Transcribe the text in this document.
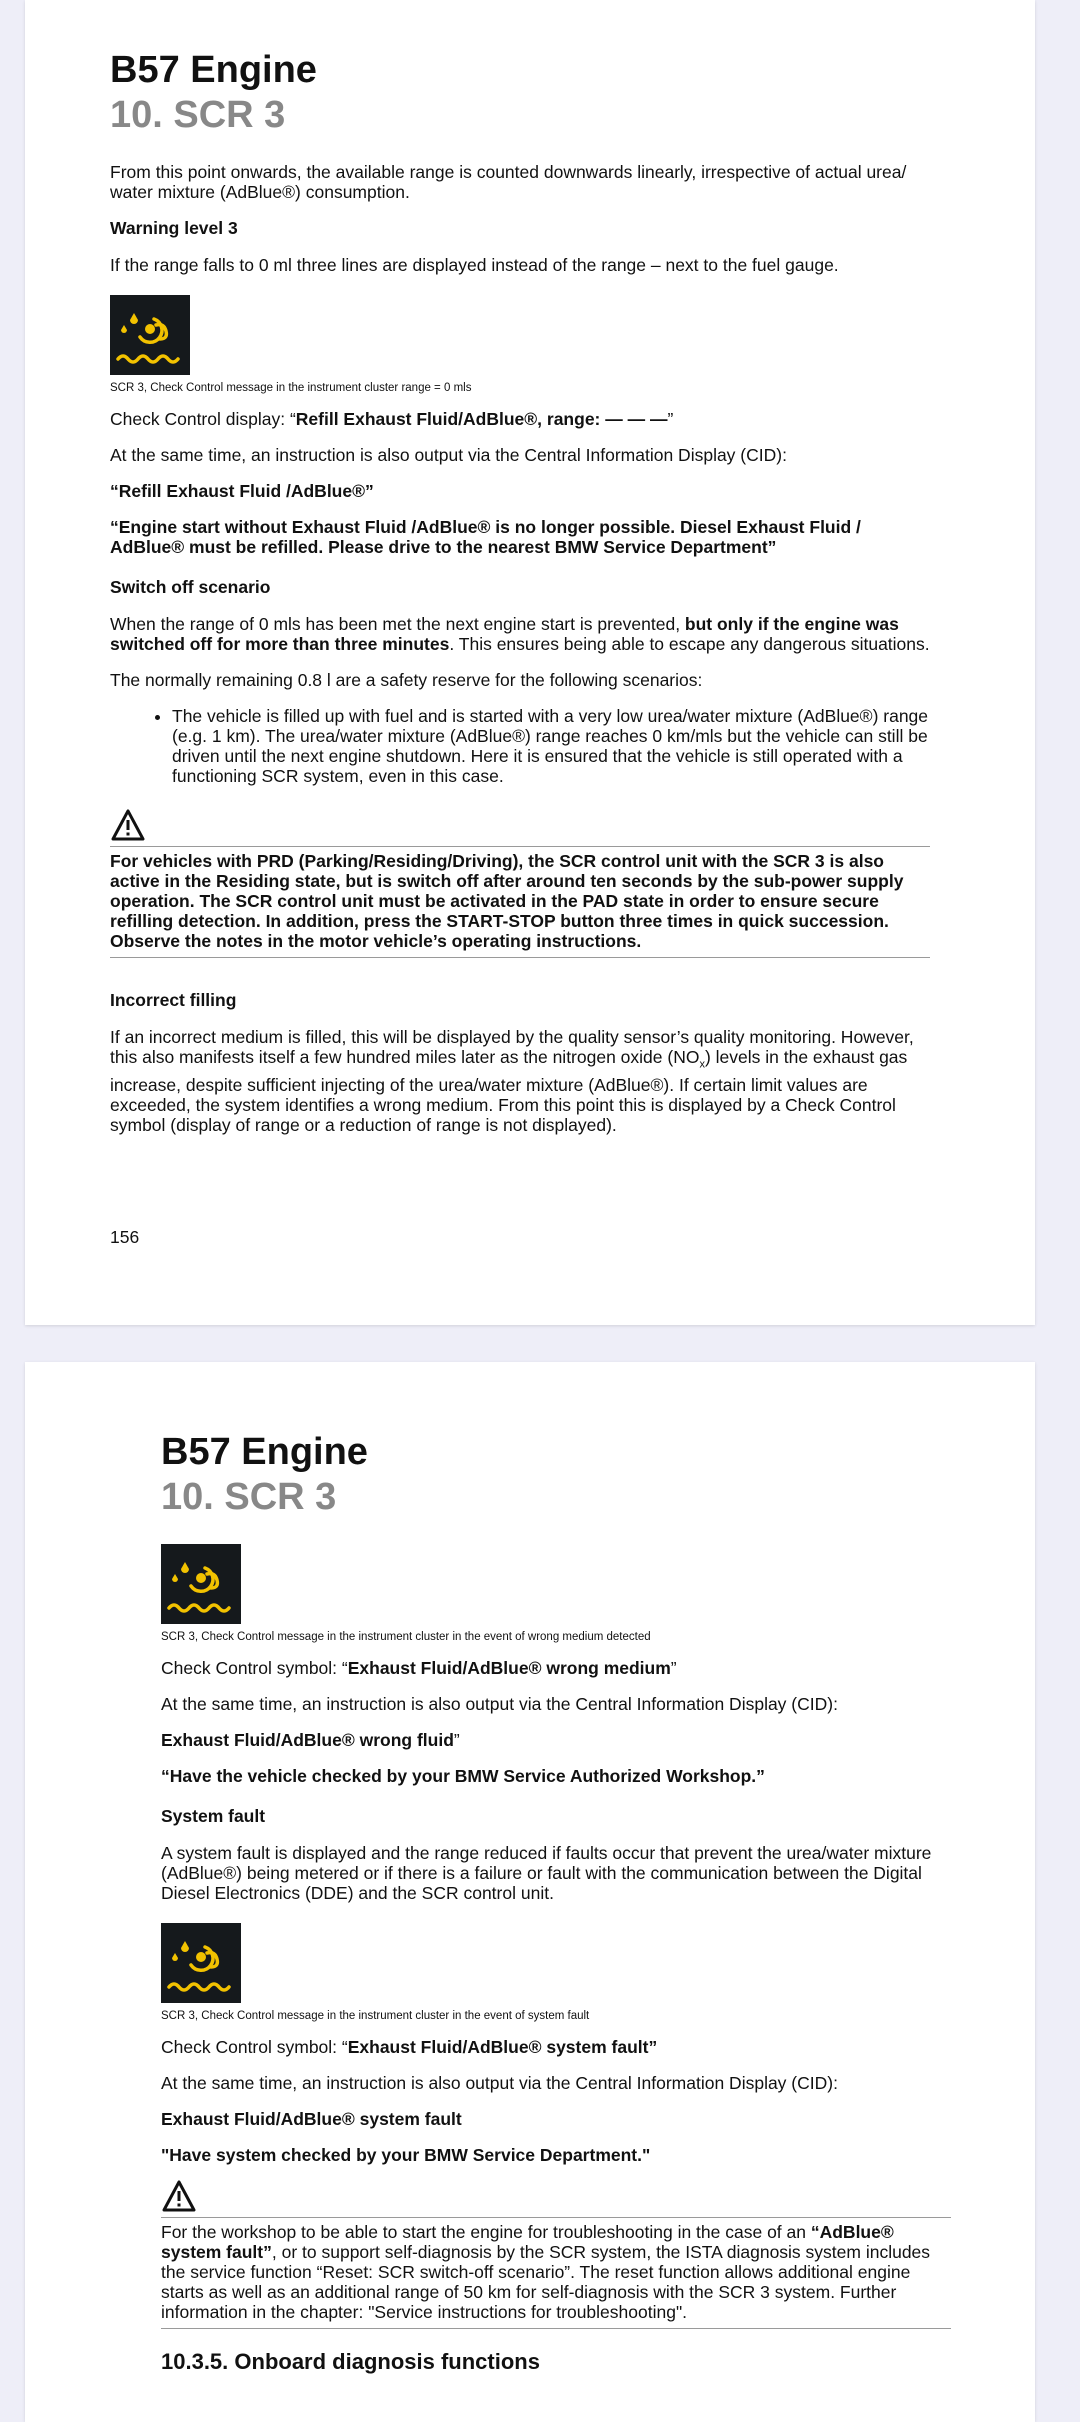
B57 Engine
10. SCR 3

From this point onwards, the available range is counted downwards linearly, irrespective of actual urea/ water mixture (AdBlue®) consumption.

Warning level 3

If the range falls to 0 ml three lines are displayed instead of the range – next to the fuel gauge.

SCR 3, Check Control message in the instrument cluster range = 0 mls

Check Control display: “Refill Exhaust Fluid/AdBlue®, range: — — —”

At the same time, an instruction is also output via the Central Information Display (CID):

“Refill Exhaust Fluid /AdBlue®”

“Engine start without Exhaust Fluid /AdBlue® is no longer possible. Diesel Exhaust Fluid / AdBlue® must be refilled. Please drive to the nearest BMW Service Department”

Switch off scenario

When the range of 0 mls has been met the next engine start is prevented, but only if the engine was switched off for more than three minutes. This ensures being able to escape any dangerous situations.

The normally remaining 0.8 l are a safety reserve for the following scenarios:

• The vehicle is filled up with fuel and is started with a very low urea/water mixture (AdBlue®) range (e.g. 1 km). The urea/water mixture (AdBlue®) range reaches 0 km/mls but the vehicle can still be driven until the next engine shutdown. Here it is ensured that the vehicle is still operated with a functioning SCR system, even in this case.

For vehicles with PRD (Parking/Residing/Driving), the SCR control unit with the SCR 3 is also active in the Residing state, but is switch off after around ten seconds by the sub-power supply operation. The SCR control unit must be activated in the PAD state in order to ensure secure refilling detection. In addition, press the START-STOP button three times in quick succession. Observe the notes in the motor vehicle’s operating instructions.

Incorrect filling

If an incorrect medium is filled, this will be displayed by the quality sensor’s quality monitoring. However, this also manifests itself a few hundred miles later as the nitrogen oxide $(NO_x)$ levels in the exhaust gas increase, despite sufficient injecting of the urea/water mixture (AdBlue®). If certain limit values are exceeded, the system identifies a wrong medium. From this point this is displayed by a Check Control symbol (display of range or a reduction of range is not displayed).

156
B57 Engine
10. SCR 3
SCR 3, Check Control message in the instrument cluster in the event of wrong medium detected

Check Control symbol: “Exhaust Fluid/AdBlue® wrong medium”

At the same time, an instruction is also output via the Central Information Display (CID):

Exhaust Fluid/AdBlue® wrong fluid”

“Have the vehicle checked by your BMW Service Authorized Workshop.”

System fault

A system fault is displayed and the range reduced if faults occur that prevent the urea/water mixture (AdBlue®) being metered or if there is a failure or fault with the communication between the Digital Diesel Electronics (DDE) and the SCR control unit.

SCR 3, Check Control message in the instrument cluster in the event of system fault

Check Control symbol: “Exhaust Fluid/AdBlue® system fault”

At the same time, an instruction is also output via the Central Information Display (CID):

Exhaust Fluid/AdBlue® system fault

"Have system checked by your BMW Service Department."

For the workshop to be able to start the engine for troubleshooting in the case of an “AdBlue® system fault”, or to support self-diagnosis by the SCR system, the ISTA diagnosis system includes the service function “Reset: SCR switch-off scenario”. The reset function allows additional engine starts as well as an additional range of 50 km for self-diagnosis with the SCR 3 system. Further information in the chapter: "Service instructions for troubleshooting".

10.3.5. Onboard diagnosis functions
